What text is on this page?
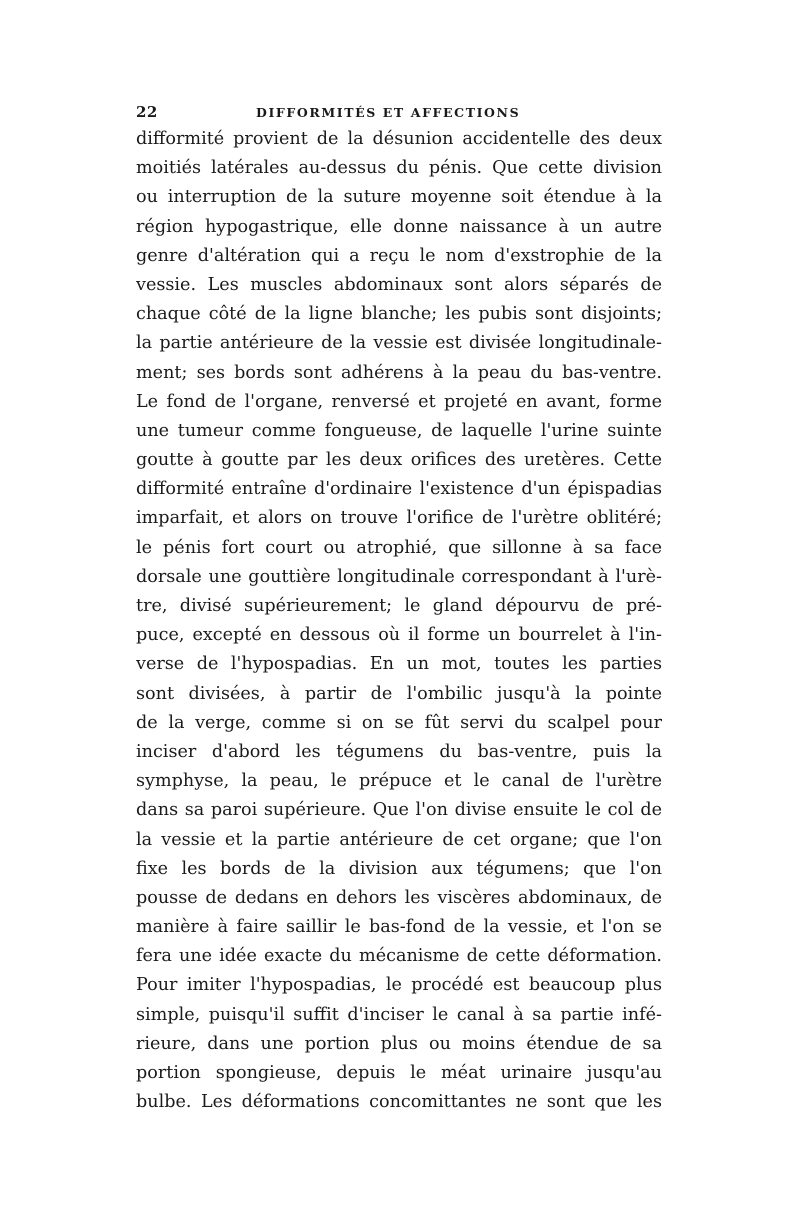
22	DIFFORMITÉS ET AFFECTIONS
difformité provient de la désunion accidentelle des deux
moitiés latérales au-dessus du pénis. Que cette division
ou interruption de la suture moyenne soit étendue à la
région hypogastrique, elle donne naissance à un autre
genre d'altération qui a reçu le nom d'exstrophie de la
vessie. Les muscles abdominaux sont alors séparés de
chaque côté de la ligne blanche; les pubis sont disjoints;
la partie antérieure de la vessie est divisée longitudinale-
ment; ses bords sont adhérens à la peau du bas-ventre.
Le fond de l'organe, renversé et projeté en avant, forme
une tumeur comme fongueuse, de laquelle l'urine suinte
goutte à goutte par les deux orifices des uretères. Cette
difformité entraîne d'ordinaire l'existence d'un épispadias
imparfait, et alors on trouve l'orifice de l'urètre oblitéré;
le pénis fort court ou atrophié, que sillonne à sa face
dorsale une gouttière longitudinale correspondant à l'urè-
tre, divisé supérieurement; le gland dépourvu de pré-
puce, excepté en dessous où il forme un bourrelet à l'in-
verse de l'hypospadias. En un mot, toutes les parties
sont divisées, à partir de l'ombilic jusqu'à la pointe
de la verge, comme si on se fût servi du scalpel pour
inciser d'abord les tégumens du bas-ventre, puis la
symphyse, la peau, le prépuce et le canal de l'urètre
dans sa paroi supérieure. Que l'on divise ensuite le col de
la vessie et la partie antérieure de cet organe; que l'on
fixe les bords de la division aux tégumens; que l'on
pousse de dedans en dehors les viscères abdominaux, de
manière à faire saillir le bas-fond de la vessie, et l'on se
fera une idée exacte du mécanisme de cette déformation.
Pour imiter l'hypospadias, le procédé est beaucoup plus
simple, puisqu'il suffit d'inciser le canal à sa partie infé-
rieure, dans une portion plus ou moins étendue de sa
portion spongieuse, depuis le méat urinaire jusqu'au
bulbe. Les déformations concomittantes ne sont que les
